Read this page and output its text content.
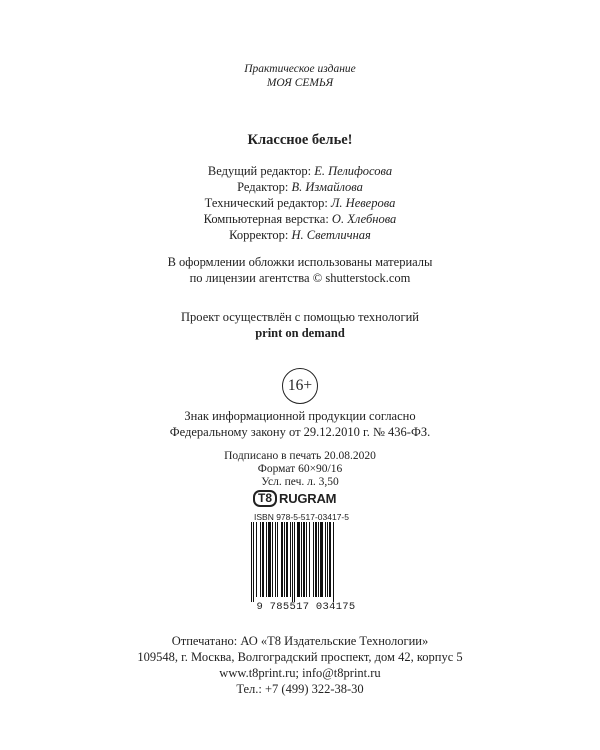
Практическое издание
МОЯ СЕМЬЯ
Классное белье!
Ведущий редактор: Е. Пелифосова
Редактор: В. Измайлова
Технический редактор: Л. Неверова
Компьютерная верстка: О. Хлебнова
Корректор: Н. Светличная
В оформлении обложки использованы материалы
по лицензии агентства © shutterstock.com
Проект осуществлён с помощью технологий
print on demand
16+
Знак информационной продукции согласно
Федеральному закону от 29.12.2010 г. № 436-ФЗ.
Подписано в печать 20.08.2020
Формат 60×90/16
Усл. печ. л. 3,50
T8 RUGRAM
ISBN 978-5-517-03417-5
9 785517 034175
Отпечатано: АО «Т8 Издательские Технологии»
109548, г. Москва, Волгоградский проспект, дом 42, корпус 5
www.t8print.ru; info@t8print.ru
Тел.: +7 (499) 322-38-30
